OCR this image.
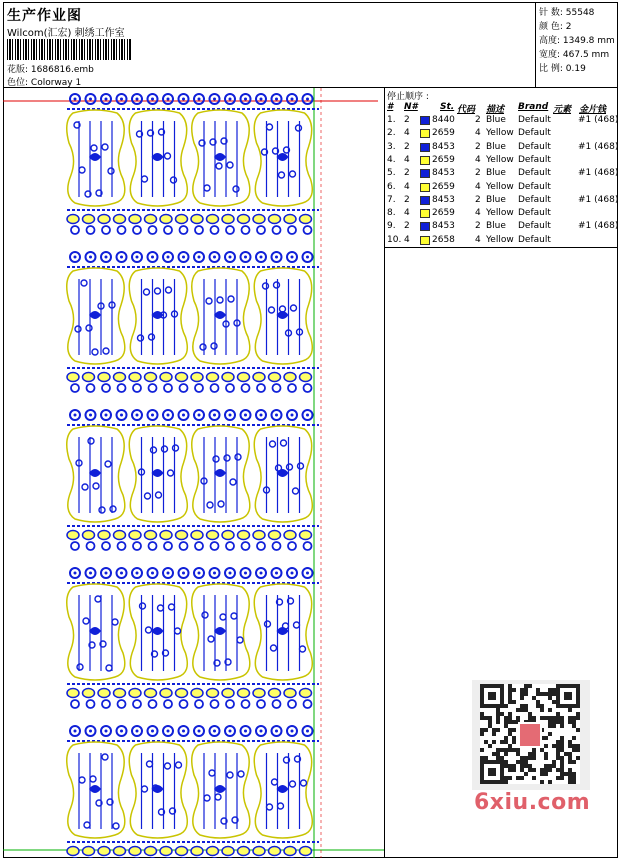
生产作业图
Wilcom(汇宏) 刺绣工作室
花版: 1686816.emb
色位: Colorway 1
针 数: 55548
颜 色: 2
高度: 1349.8 mm
宽度: 467.5 mm
比 例: 0.19
停止顺序 :
# N# St. 代码 描述 Brand 元素 金片钱
1. 2 8440 2 Blue Default	#1 (468)
2. 4 2659 4 Yellow Default
3. 2 8453 2 Blue Default	#1 (468)
4. 4 2659 4 Yellow Default
5. 2 8453 2 Blue Default	#1 (468)
6. 4 2659 4 Yellow Default
7. 2 8453 2 Blue Default	#1 (468)
8. 4 2659 4 Yellow Default
9. 2 8453 2 Blue Default	#1 (468)
10. 4 2658 4 Yellow Default
6xiu.com
